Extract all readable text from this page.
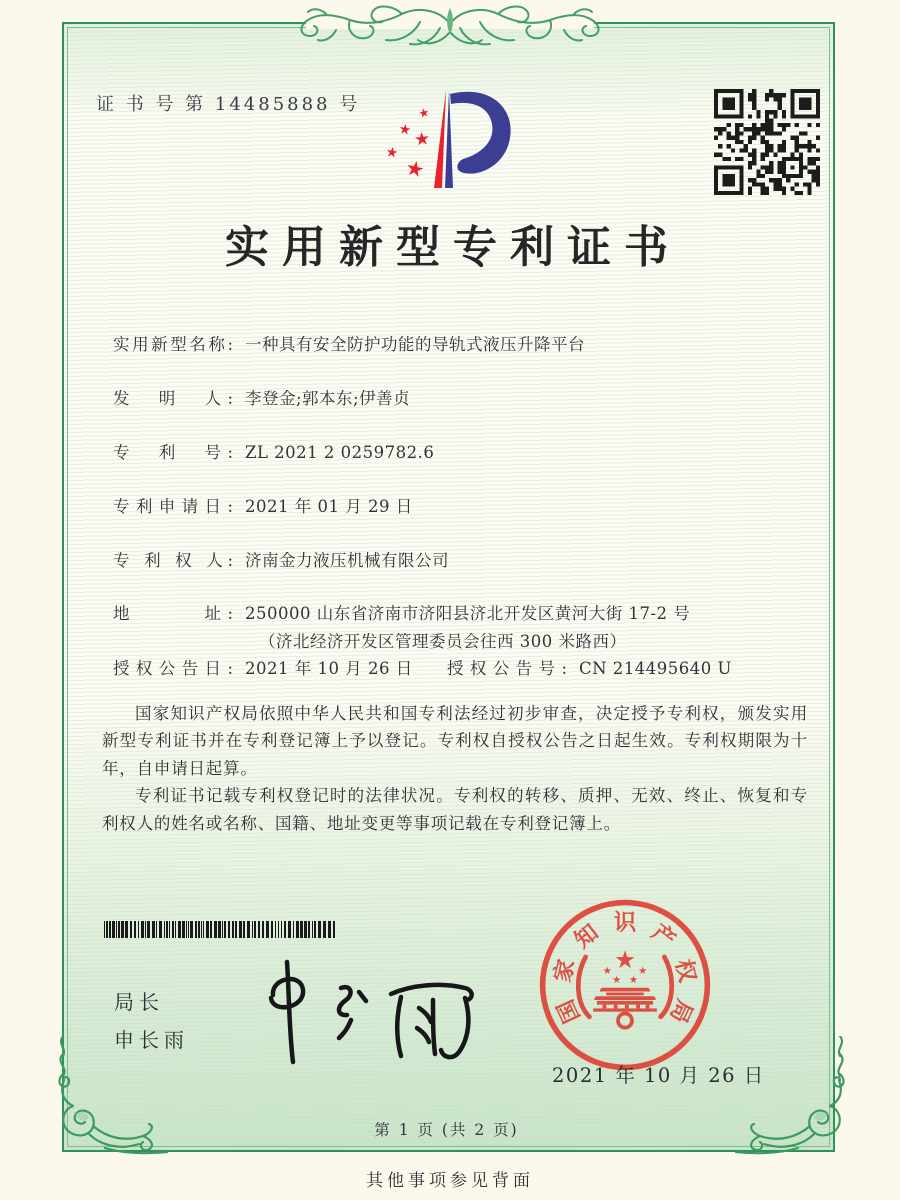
证 书 号 第 14485888 号	★
★ ★
★
★
实用新型专利证书
实用新型名称: 一种具有安全防护功能的导轨式液压升降平台
发　明　人: 李登金;郭本东;伊善贞
专　利　号: ZL 2021 2 0259782.6
专利申请日: 2021 年 01 月 29 日
专 利 权 人: 济南金力液压机械有限公司
地　　　址: 250000 山东省济南市济阳县济北开发区黄河大街 17-2 号
（济北经济开发区管理委员会往西 300 米路西）
授权公告日: 2021 年 10 月 26 日	授权公告号: CN 214495640 U

国家知识产权局依照中华人民共和国专利法经过初步审查，决定授予专利权，颁发实用新型专利证书并在专利登记簿上予以登记。专利权自授权公告之日起生效。专利权期限为十年，自申请日起算。

专利证书记载专利权登记时的法律状况。专利权的转移、质押、无效、终止、恢复和专利权人的姓名或名称、国籍、地址变更等事项记载在专利登记簿上。

局长
申长雨
国
家
知 识 产
权
局
★
★
★ ★
★
2021 年 10 月 26 日
第 1 页 (共 2 页)
其他事项参见背面
